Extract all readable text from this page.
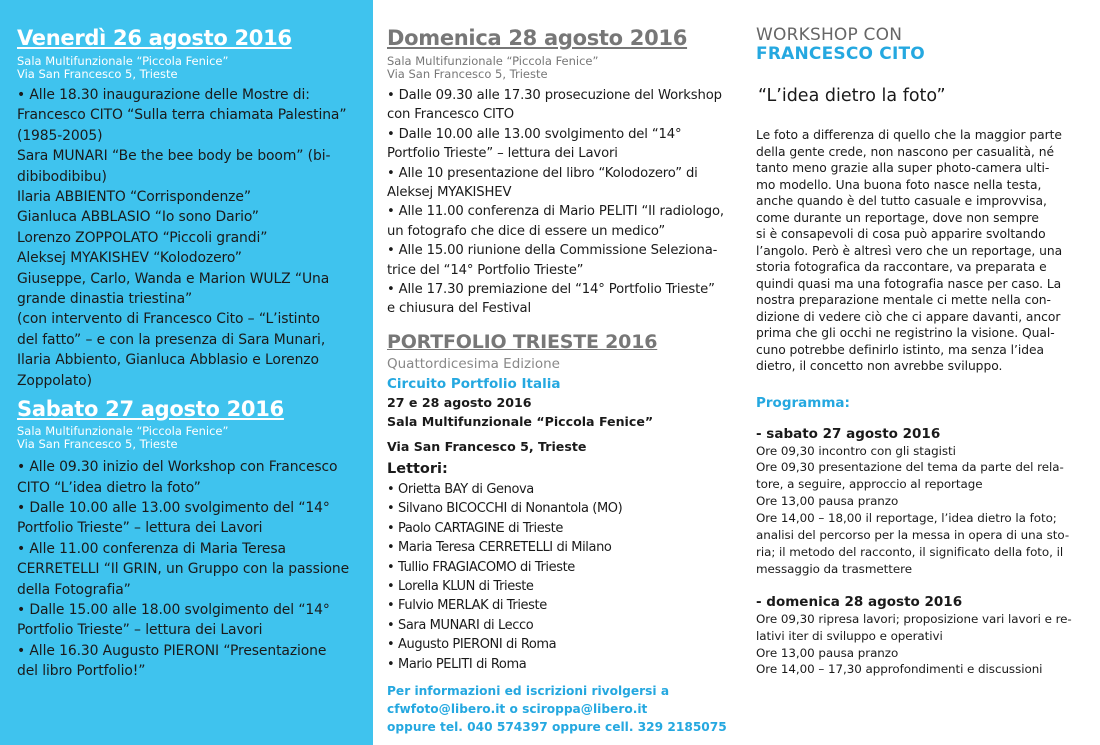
Venerdì 26 agosto 2016
Sala Multifunzionale “Piccola Fenice”
Via San Francesco 5, Trieste
• Alle 18.30 inaugurazione delle Mostre di:
Francesco CITO “Sulla terra chiamata Palestina”
(1985-2005)
Sara MUNARI “Be the bee body be boom” (bi-
dibibodibibu)
Ilaria ABBIENTO “Corrispondenze”
Gianluca ABBLASIO “Io sono Dario”
Lorenzo ZOPPOLATO “Piccoli grandi”
Aleksej MYAKISHEV “Kolodozero”
Giuseppe, Carlo, Wanda e Marion WULZ “Una
grande dinastia triestina”
(con intervento di Francesco Cito – “L’istinto
del fatto” – e con la presenza di Sara Munari,
Ilaria Abbiento, Gianluca Abblasio e Lorenzo
Zoppolato)
Sabato 27 agosto 2016
Sala Multifunzionale “Piccola Fenice”
Via San Francesco 5, Trieste
• Alle 09.30 inizio del Workshop con Francesco
CITO “L’idea dietro la foto”
• Dalle 10.00 alle 13.00 svolgimento del “14°
Portfolio Trieste” – lettura dei Lavori
• Alle 11.00 conferenza di Maria Teresa
CERRETELLI “Il GRIN, un Gruppo con la passione
della Fotografia”
• Dalle 15.00 alle 18.00 svolgimento del “14°
Portfolio Trieste” – lettura dei Lavori
• Alle 16.30 Augusto PIERONI “Presentazione
del libro Portfolio!”
Domenica 28 agosto 2016
Sala Multifunzionale “Piccola Fenice”
Via San Francesco 5, Trieste
• Dalle 09.30 alle 17.30 prosecuzione del Workshop
con Francesco CITO
• Dalle 10.00 alle 13.00 svolgimento del “14°
Portfolio Trieste” – lettura dei Lavori
• Alle 10 presentazione del libro “Kolodozero” di
Aleksej MYAKISHEV
• Alle 11.00 conferenza di Mario PELITI “Il radiologo,
un fotografo che dice di essere un medico”
• Alle 15.00 riunione della Commissione Seleziona-
trice del “14° Portfolio Trieste”
• Alle 17.30 premiazione del “14° Portfolio Trieste”
e chiusura del Festival
PORTFOLIO TRIESTE 2016
Quattordicesima Edizione
Circuito Portfolio Italia
27 e 28 agosto 2016
Sala Multifunzionale “Piccola Fenice”
Via San Francesco 5, Trieste
Lettori:
• Orietta BAY di Genova
• Silvano BICOCCHI di Nonantola (MO)
• Paolo CARTAGINE di Trieste
• Maria Teresa CERRETELLI di Milano
• Tullio FRAGIACOMO di Trieste
• Lorella KLUN di Trieste
• Fulvio MERLAK di Trieste
• Sara MUNARI di Lecco
• Augusto PIERONI di Roma
• Mario PELITI di Roma
Per informazioni ed iscrizioni rivolgersi a
cfwfoto@libero.it o sciroppa@libero.it
oppure tel. 040 574397 oppure cell. 329 2185075
WORKSHOP CON
FRANCESCO CITO
“L’idea dietro la foto”
Le foto a differenza di quello che la maggior parte
della gente crede, non nascono per casualità, né
tanto meno grazie alla super photo-camera ulti-
mo modello. Una buona foto nasce nella testa,
anche quando è del tutto casuale e improvvisa,
come durante un reportage, dove non sempre
si è consapevoli di cosa può apparire svoltando
l’angolo. Però è altresì vero che un reportage, una
storia fotografica da raccontare, va preparata e
quindi quasi ma una fotografia nasce per caso. La
nostra preparazione mentale ci mette nella con-
dizione di vedere ciò che ci appare davanti, ancor
prima che gli occhi ne registrino la visione. Qual-
cuno potrebbe definirlo istinto, ma senza l’idea
dietro, il concetto non avrebbe sviluppo.
Programma:
- sabato 27 agosto 2016
Ore 09,30 incontro con gli stagisti
Ore 09,30 presentazione del tema da parte del rela-
tore, a seguire, approccio al reportage
Ore 13,00 pausa pranzo
Ore 14,00 – 18,00 il reportage, l’idea dietro la foto;
analisi del percorso per la messa in opera di una sto-
ria; il metodo del racconto, il significato della foto, il
messaggio da trasmettere
- domenica 28 agosto 2016
Ore 09,30 ripresa lavori; proposizione vari lavori e re-
lativi iter di sviluppo e operativi
Ore 13,00 pausa pranzo
Ore 14,00 – 17,30 approfondimenti e discussioni
